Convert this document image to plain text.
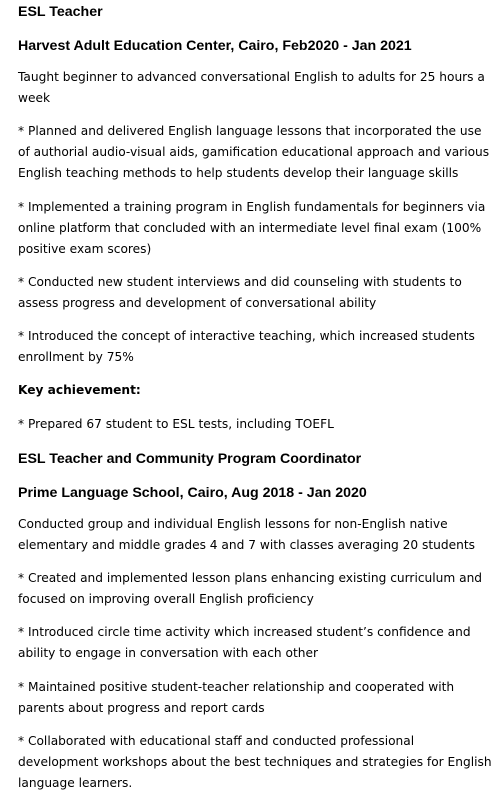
ESL Teacher
Harvest Adult Education Center, Cairo, Feb2020 - Jan 2021
Taught beginner to advanced conversational English to adults for 25 hours a week
* Planned and delivered English language lessons that incorporated the use of authorial audio-visual aids, gamification educational approach and various English teaching methods to help students develop their language skills
* Implemented a training program in English fundamentals for beginners via online platform that concluded with an intermediate level final exam (100% positive exam scores)
* Conducted new student interviews and did counseling with students to assess progress and development of conversational ability
* Introduced the concept of interactive teaching, which increased students enrollment by 75%
Key achievement:
* Prepared 67 student to ESL tests, including TOEFL
ESL Teacher and Community Program Coordinator
Prime Language School, Cairo, Aug 2018 - Jan 2020
Conducted group and individual English lessons for non-English native elementary and middle grades 4 and 7 with classes averaging 20 students
* Created and implemented lesson plans enhancing existing curriculum and focused on improving overall English proficiency
* Introduced circle time activity which increased student’s confidence and ability to engage in conversation with each other
* Maintained positive student-teacher relationship and cooperated with parents about progress and report cards
* Collaborated with educational staff and conducted professional development workshops about the best techniques and strategies for English language learners.
